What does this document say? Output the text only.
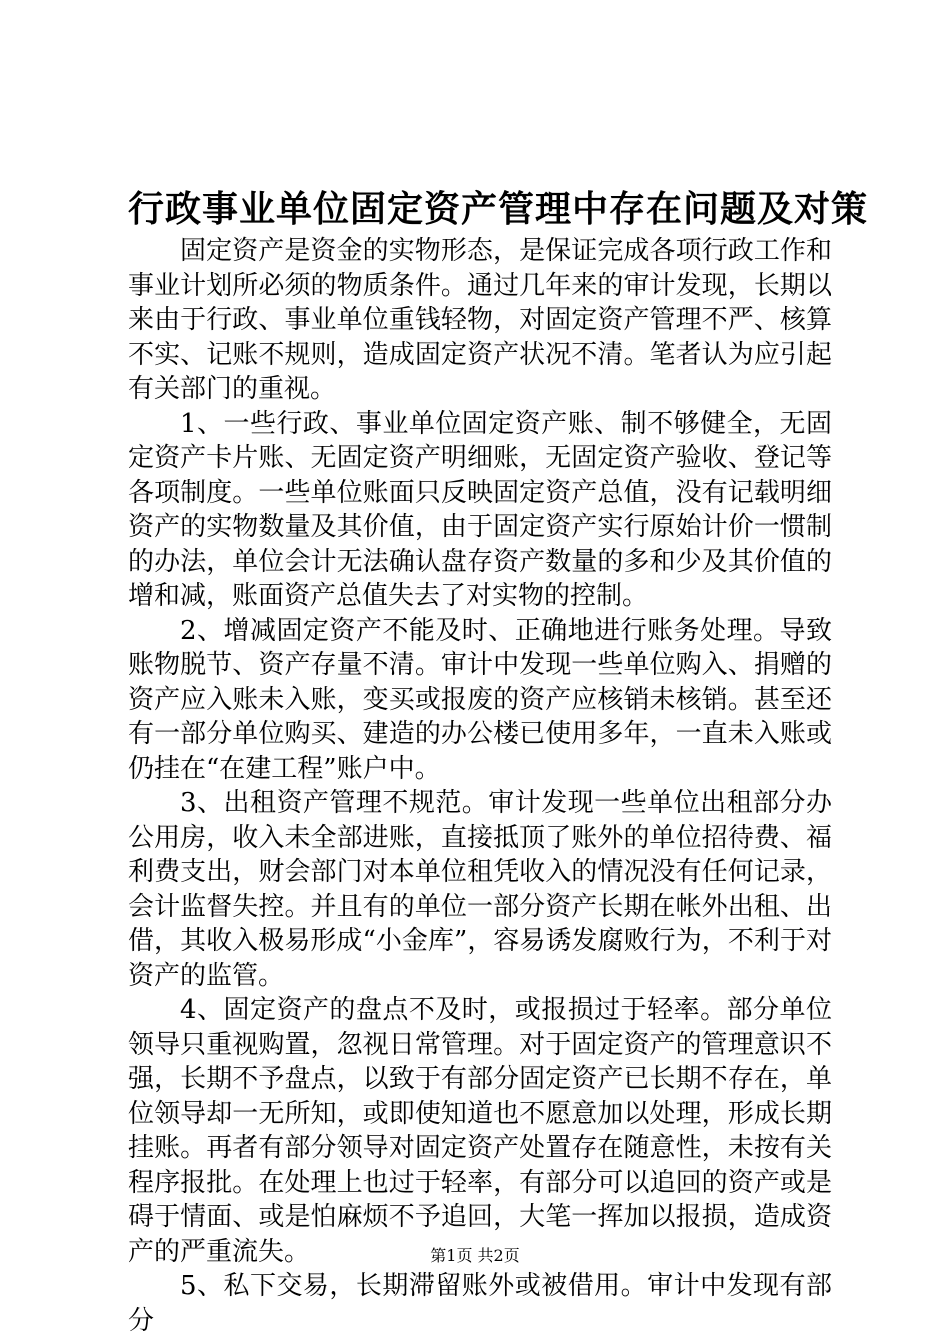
行政事业单位固定资产管理中存在问题及对策

固定资产是资金的实物形态，是保证完成各项行政工作和事业计划所必须的物质条件。通过几年来的审计发现，长期以来由于行政、事业单位重钱轻物，对固定资产管理不严、核算不实、记账不规则，造成固定资产状况不清。笔者认为应引起有关部门的重视。

1、一些行政、事业单位固定资产账、制不够健全，无固定资产卡片账、无固定资产明细账，无固定资产验收、登记等各项制度。一些单位账面只反映固定资产总值，没有记载明细资产的实物数量及其价值，由于固定资产实行原始计价一惯制的办法，单位会计无法确认盘存资产数量的多和少及其价值的增和减，账面资产总值失去了对实物的控制。

2、增减固定资产不能及时、正确地进行账务处理。导致账物脱节、资产存量不清。审计中发现一些单位购入、捐赠的资产应入账未入账，变买或报废的资产应核销未核销。甚至还有一部分单位购买、建造的办公楼已使用多年，一直未入账或仍挂在“在建工程”账户中。

3、出租资产管理不规范。审计发现一些单位出租部分办公用房，收入未全部进账，直接抵顶了账外的单位招待费、福利费支出，财会部门对本单位租凭收入的情况没有任何记录，会计监督失控。并且有的单位一部分资产长期在帐外出租、出借，其收入极易形成“小金库”，容易诱发腐败行为，不利于对资产的监管。

4、固定资产的盘点不及时，或报损过于轻率。部分单位领导只重视购置，忽视日常管理。对于固定资产的管理意识不强，长期不予盘点，以致于有部分固定资产已长期不存在，单位领导却一无所知，或即使知道也不愿意加以处理，形成长期挂账。再者有部分领导对固定资产处置存在随意性，未按有关程序报批。在处理上也过于轻率，有部分可以追回的资产或是碍于情面、或是怕麻烦不予追回，大笔一挥加以报损，造成资产的严重流失。

5、私下交易，长期滞留账外或被借用。审计中发现有部分

第1页 共2页
